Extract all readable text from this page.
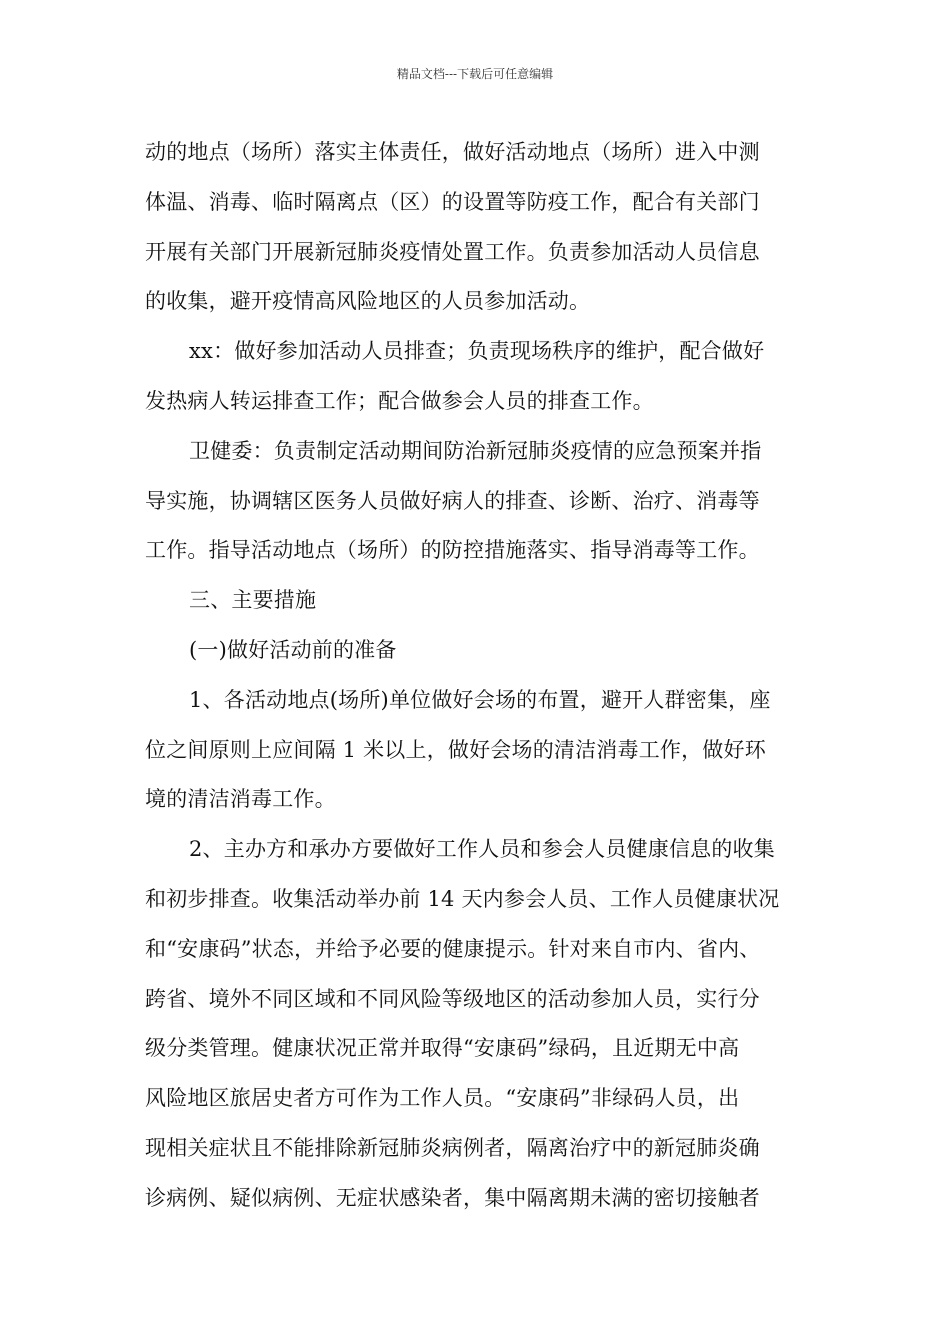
精品文档---下载后可任意编辑
动的地点（场所）落实主体责任，做好活动地点（场所）进入中测
体温、消毒、临时隔离点（区）的设置等防疫工作，配合有关部门
开展有关部门开展新冠肺炎疫情处置工作。负责参加活动人员信息
的收集，避开疫情高风险地区的人员参加活动。
xx：做好参加活动人员排查；负责现场秩序的维护，配合做好
发热病人转运排查工作；配合做参会人员的排查工作。
卫健委：负责制定活动期间防治新冠肺炎疫情的应急预案并指
导实施，协调辖区医务人员做好病人的排查、诊断、治疗、消毒等
工作。指导活动地点（场所）的防控措施落实、指导消毒等工作。
三、主要措施
(一)做好活动前的准备
1、各活动地点(场所)单位做好会场的布置，避开人群密集，座
位之间原则上应间隔 1 米以上，做好会场的清洁消毒工作，做好环
境的清洁消毒工作。
2、主办方和承办方要做好工作人员和参会人员健康信息的收集
和初步排查。收集活动举办前 14 天内参会人员、工作人员健康状况
和“安康码”状态，并给予必要的健康提示。针对来自市内、省内、
跨省、境外不同区域和不同风险等级地区的活动参加人员，实行分
级分类管理。健康状况正常并取得“安康码”绿码，且近期无中高
风险地区旅居史者方可作为工作人员。“安康码”非绿码人员，出
现相关症状且不能排除新冠肺炎病例者，隔离治疗中的新冠肺炎确
诊病例、疑似病例、无症状感染者，集中隔离期未满的密切接触者
